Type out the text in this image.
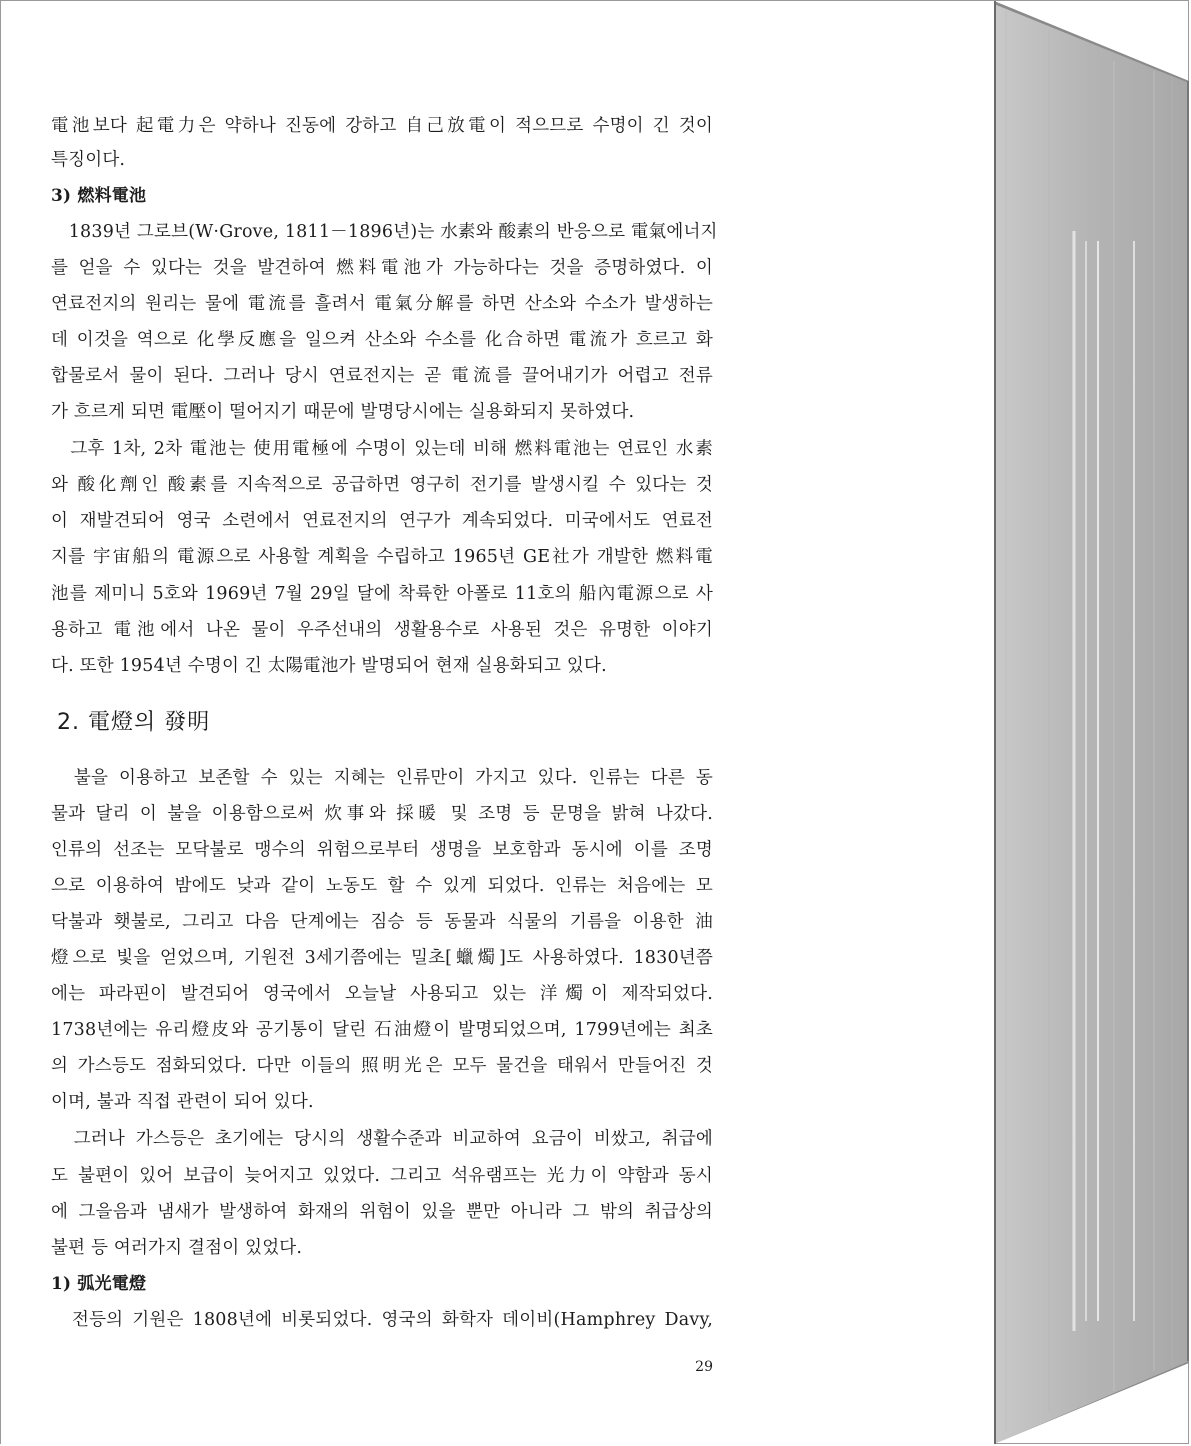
電池보다 起電力은 약하나 진동에 강하고 自己放電이 적으므로 수명이 긴 것이
특징이다.
3) 燃料電池
　1839년 그로브(W·Grove, 1811－1896년)는 水素와 酸素의 반응으로 電氣에너지
를 얻을 수 있다는 것을 발견하여 燃料電池가 가능하다는 것을 증명하였다. 이
연료전지의 원리는 물에 電流를 흘려서 電氣分解를 하면 산소와 수소가 발생하는
데 이것을 역으로 化學反應을 일으켜 산소와 수소를 化合하면 電流가 흐르고 화
합물로서 물이 된다. 그러나 당시 연료전지는 곧 電流를 끌어내기가 어렵고 전류
가 흐르게 되면 電壓이 떨어지기 때문에 발명당시에는 실용화되지 못하였다.
　그후 1차, 2차 電池는 使用電極에 수명이 있는데 비해 燃料電池는 연료인 水素
와 酸化劑인 酸素를 지속적으로 공급하면 영구히 전기를 발생시킬 수 있다는 것
이 재발견되어 영국 소련에서 연료전지의 연구가 계속되었다. 미국에서도 연료전
지를 宇宙船의 電源으로 사용할 계획을 수립하고 1965년 GE社가 개발한 燃料電
池를 제미니 5호와 1969년 7월 29일 달에 착륙한 아폴로 11호의 船內電源으로 사
용하고 電池에서 나온 물이 우주선내의 생활용수로 사용된 것은 유명한 이야기
다. 또한 1954년 수명이 긴 太陽電池가 발명되어 현재 실용화되고 있다.
2. 電燈의 發明
　불을 이용하고 보존할 수 있는 지혜는 인류만이 가지고 있다. 인류는 다른 동
물과 달리 이 불을 이용함으로써 炊事와 採暖 및 조명 등 문명을 밝혀 나갔다.
인류의 선조는 모닥불로 맹수의 위험으로부터 생명을 보호함과 동시에 이를 조명
으로 이용하여 밤에도 낮과 같이 노동도 할 수 있게 되었다. 인류는 처음에는 모
닥불과 횃불로, 그리고 다음 단계에는 짐승 등 동물과 식물의 기름을 이용한 油
燈으로 빛을 얻었으며, 기원전 3세기쯤에는 밀초[蠟燭]도 사용하였다. 1830년쯤
에는 파라핀이 발견되어 영국에서 오늘날 사용되고 있는 洋燭이 제작되었다.
1738년에는 유리燈皮와 공기통이 달린 石油燈이 발명되었으며, 1799년에는 최초
의 가스등도 점화되었다. 다만 이들의 照明光은 모두 물건을 태워서 만들어진 것
이며, 불과 직접 관련이 되어 있다.
　그러나 가스등은 초기에는 당시의 생활수준과 비교하여 요금이 비쌌고, 취급에
도 불편이 있어 보급이 늦어지고 있었다. 그리고 석유램프는 光力이 약함과 동시
에 그을음과 냄새가 발생하여 화재의 위험이 있을 뿐만 아니라 그 밖의 취급상의
불편 등 여러가지 결점이 있었다.
1) 弧光電燈
　전등의 기원은 1808년에 비롯되었다. 영국의 화학자 데이비(Hamphrey Davy,
29
